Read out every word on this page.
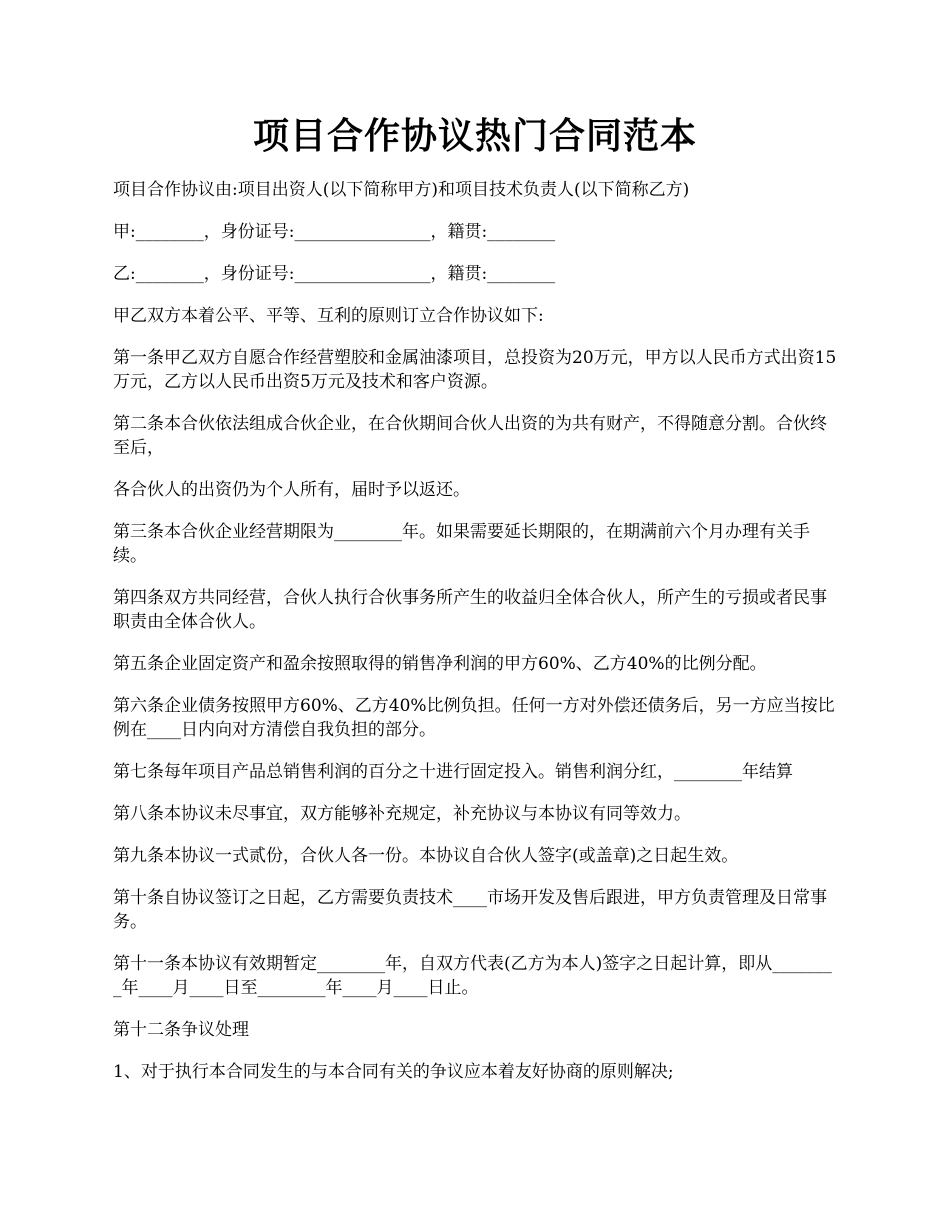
项目合作协议热门合同范本

项目合作协议由:项目出资人(以下简称甲方)和项目技术负责人(以下简称乙方)

甲:________，身份证号:________________，籍贯:________

乙:________，身份证号:________________，籍贯:________

甲乙双方本着公平、平等、互利的原则订立合作协议如下:

第一条甲乙双方自愿合作经营塑胶和金属油漆项目，总投资为20万元，甲方以人民币方式出资15万元，乙方以人民币出资5万元及技术和客户资源。

第二条本合伙依法组成合伙企业，在合伙期间合伙人出资的为共有财产，不得随意分割。合伙终至后，

各合伙人的出资仍为个人所有，届时予以返还。

第三条本合伙企业经营期限为________年。如果需要延长期限的，在期满前六个月办理有关手续。

第四条双方共同经营，合伙人执行合伙事务所产生的收益归全体合伙人，所产生的亏损或者民事职责由全体合伙人。

第五条企业固定资产和盈余按照取得的销售净利润的甲方60%、乙方40%的比例分配。

第六条企业债务按照甲方60%、乙方40%比例负担。任何一方对外偿还债务后，另一方应当按比例在____日内向对方清偿自我负担的部分。

第七条每年项目产品总销售利润的百分之十进行固定投入。销售利润分红，________年结算

第八条本协议未尽事宜，双方能够补充规定，补充协议与本协议有同等效力。

第九条本协议一式贰份，合伙人各一份。本协议自合伙人签字(或盖章)之日起生效。

第十条自协议签订之日起，乙方需要负责技术____市场开发及售后跟进，甲方负责管理及日常事务。

第十一条本协议有效期暂定________年，自双方代表(乙方为本人)签字之日起计算，即从________年____月____日至________年____月____日止。

第十二条争议处理

1、对于执行本合同发生的与本合同有关的争议应本着友好协商的原则解决;
